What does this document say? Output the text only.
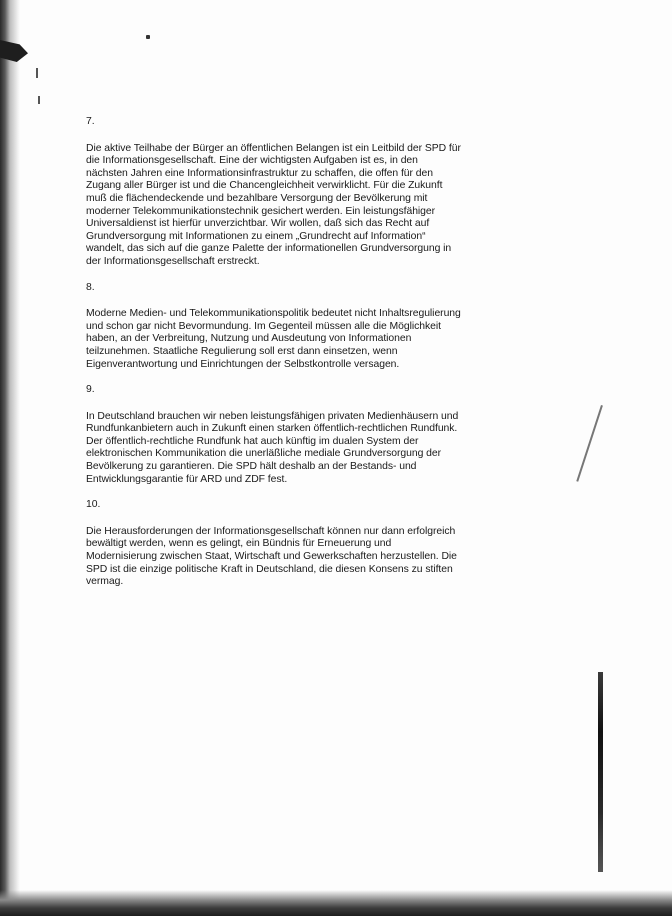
7.
Die aktive Teilhabe der Bürger an öffentlichen Belangen ist ein Leitbild der SPD für
die Informationsgesellschaft. Eine der wichtigsten Aufgaben ist es, in den
nächsten Jahren eine Informationsinfrastruktur zu schaffen, die offen für den
Zugang aller Bürger ist und die Chancengleichheit verwirklicht. Für die Zukunft
muß die flächendeckende und bezahlbare Versorgung der Bevölkerung mit
moderner Telekommunikationstechnik gesichert werden. Ein leistungsfähiger
Universaldienst ist hierfür unverzichtbar. Wir wollen, daß sich das Recht auf
Grundversorgung mit Informationen zu einem „Grundrecht auf Information“
wandelt, das sich auf die ganze Palette der informationellen Grundversorgung in
der Informationsgesellschaft erstreckt.
8.
Moderne Medien- und Telekommunikationspolitik bedeutet nicht Inhaltsregulierung
und schon gar nicht Bevormundung. Im Gegenteil müssen alle die Möglichkeit
haben, an der Verbreitung, Nutzung und Ausdeutung von Informationen
teilzunehmen. Staatliche Regulierung soll erst dann einsetzen, wenn
Eigenverantwortung und Einrichtungen der Selbstkontrolle versagen.
9.
In Deutschland brauchen wir neben leistungsfähigen privaten Medienhäusern und
Rundfunkanbietern auch in Zukunft einen starken öffentlich-rechtlichen Rundfunk.
Der öffentlich-rechtliche Rundfunk hat auch künftig im dualen System der
elektronischen Kommunikation die unerläßliche mediale Grundversorgung der
Bevölkerung zu garantieren. Die SPD hält deshalb an der Bestands- und
Entwicklungsgarantie für ARD und ZDF fest.
10.
Die Herausforderungen der Informationsgesellschaft können nur dann erfolgreich
bewältigt werden, wenn es gelingt, ein Bündnis für Erneuerung und
Modernisierung zwischen Staat, Wirtschaft und Gewerkschaften herzustellen. Die
SPD ist die einzige politische Kraft in Deutschland, die diesen Konsens zu stiften
vermag.
